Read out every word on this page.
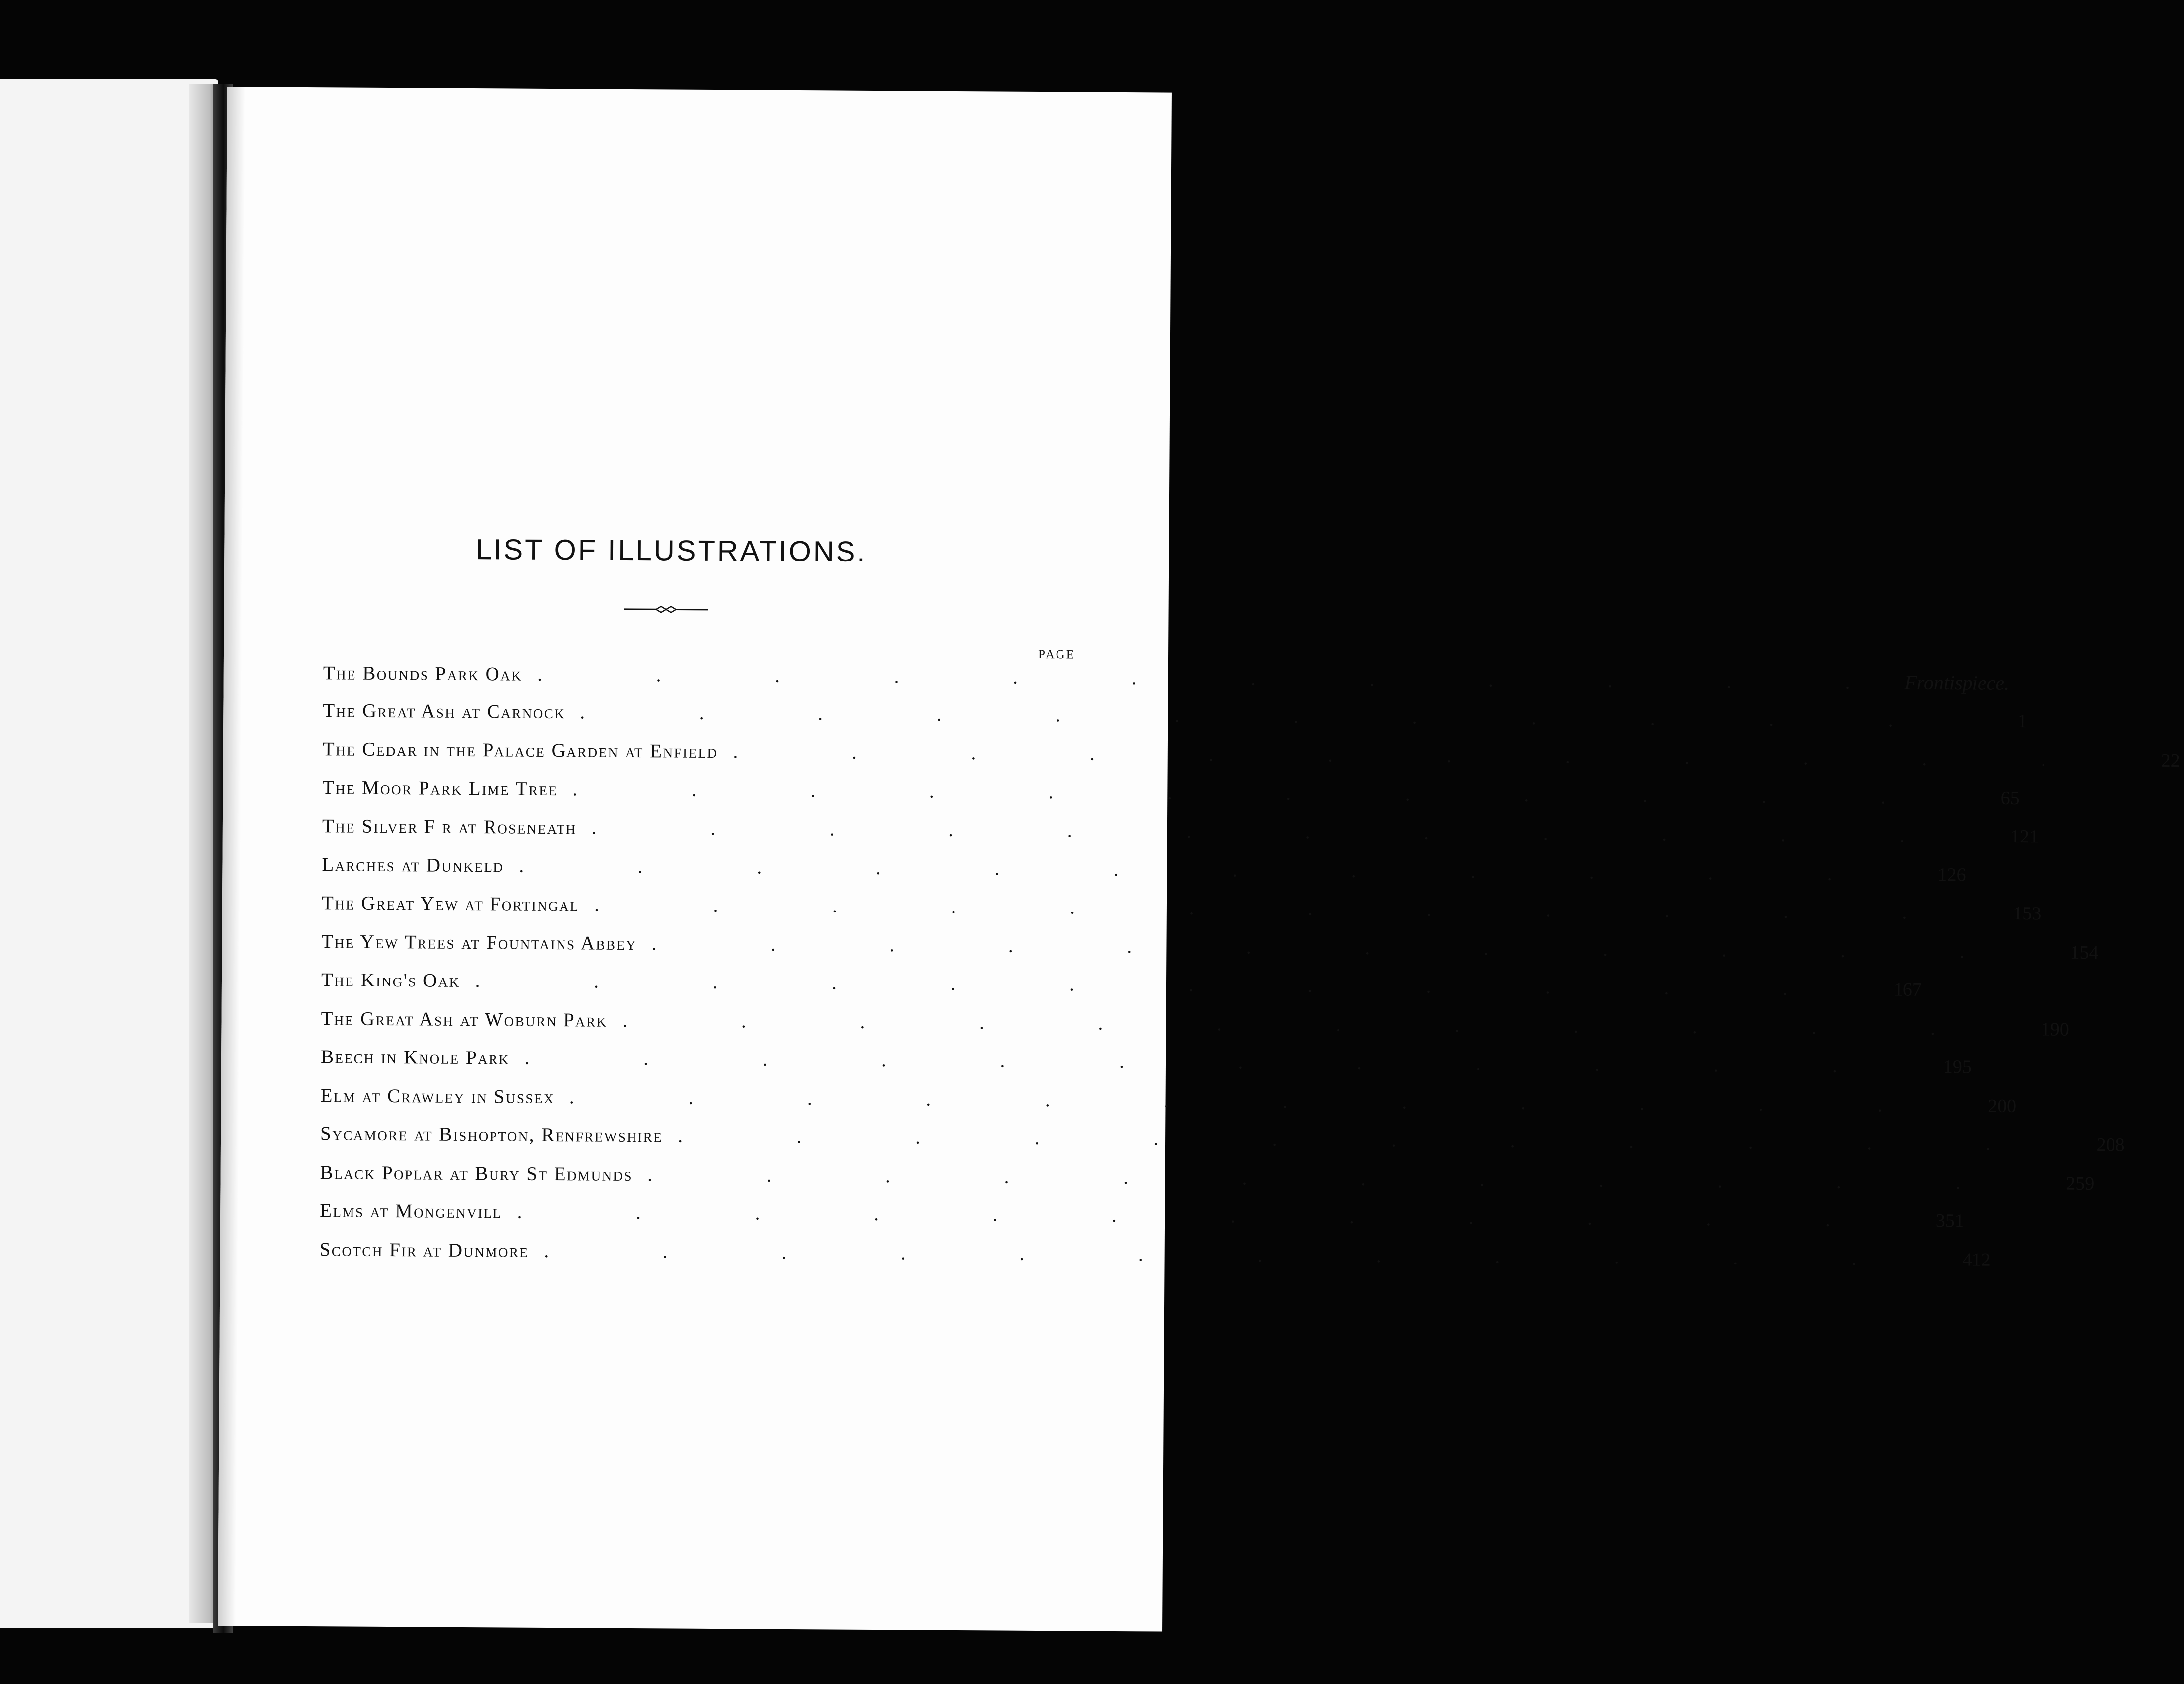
LIST OF ILLUSTRATIONS.
PAGE
The Bounds Park Oak . . . . . . . . . . . . Frontispiece.
The Great Ash at Carnock . . . . . . . . . . . .	1
The Cedar in the Palace Garden at Enfield . . . . . . . . . . . .	22
The Moor Park Lime Tree . . . . . . . . . . . .	65
The Silver F r at Roseneath . . . . . . . . . . . .	121
Larches at Dunkeld . . . . . . . . . . . .	126
The Great Yew at Fortingal . . . . . . . . . . . .	153
The Yew Trees at Fountains Abbey . . . . . . . . . . . .	154
The King's Oak . . . . . . . . . . . .	167
The Great Ash at Woburn Park . . . . . . . . . . . .	190
Beech in Knole Park . . . . . . . . . . . .	195
Elm at Crawley in Sussex . . . . . . . . . . . .	200
Sycamore at Bishopton, Renfrewshire . . . . . . . . . . . .	208
Black Poplar at Bury St Edmunds . . . . . . . . . . . .	259
Elms at Mongenvill . . . . . . . . . . . .	351
Scotch Fir at Dunmore . . . . . . . . . . . .	412
